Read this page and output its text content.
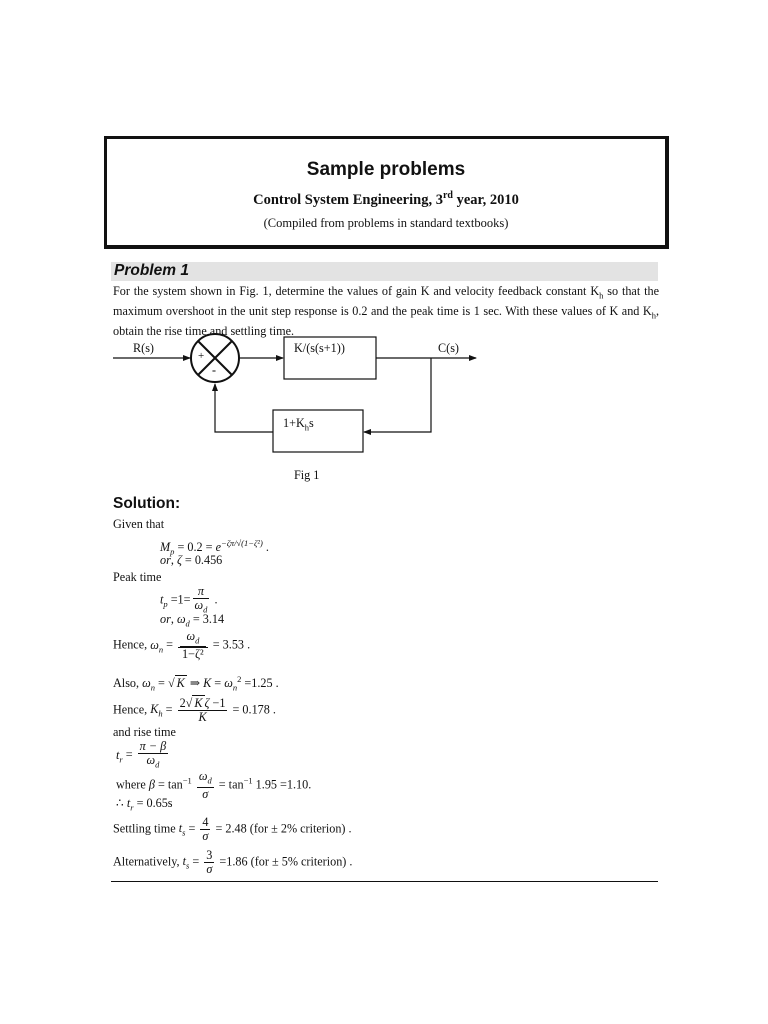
Sample problems
Control System Engineering, 3rd year, 2010
(Compiled from problems in standard textbooks)
Problem 1
For the system shown in Fig. 1, determine the values of gain K and velocity feedback constant $K_h$ so that the maximum overshoot in the unit step response is 0.2 and the peak time is 1 sec. With these values of K and $K_h$, obtain the rise time and settling time.
R(s)	C(s)
K/(s(s+1))
$1+K_hs$
+
-
Fig 1
Solution:
Given that
$M_p = 0.2 = e^{-\zeta\pi/√(1-\zeta^2)}$ .
or, ζ = 0.456
Peak time
$t_p =1= \frac{\pi}{\omega_d}$ .
or, $\omega_d = 3.14$
Hence, $\omega_n = \frac{\omega_d}{\text{1−ζ²}} = 3.53$ .
Also, $\omega_n$ = √ K ⇒ $K = \omega_n^2 =1.25$ .
Hence, $K_h = \frac{\text{2√ K ζ −1}}{K} = 0.178$ .
and rise time
$t_r = \frac{\pi - \beta}{\omega_d}$
where $\beta = \tan^{-1} \frac{\omega_d}{\sigma} = \tan^{-1} 1.95 =1.10$.
∴ $t_r = 0.65s$
Settling time $t_s = \frac{4}{\sigma} = 2.48$ (for ± 2% criterion) .
Alternatively, $t_s = \frac{3}{\sigma} =1.86$ (for ± 5% criterion) .
